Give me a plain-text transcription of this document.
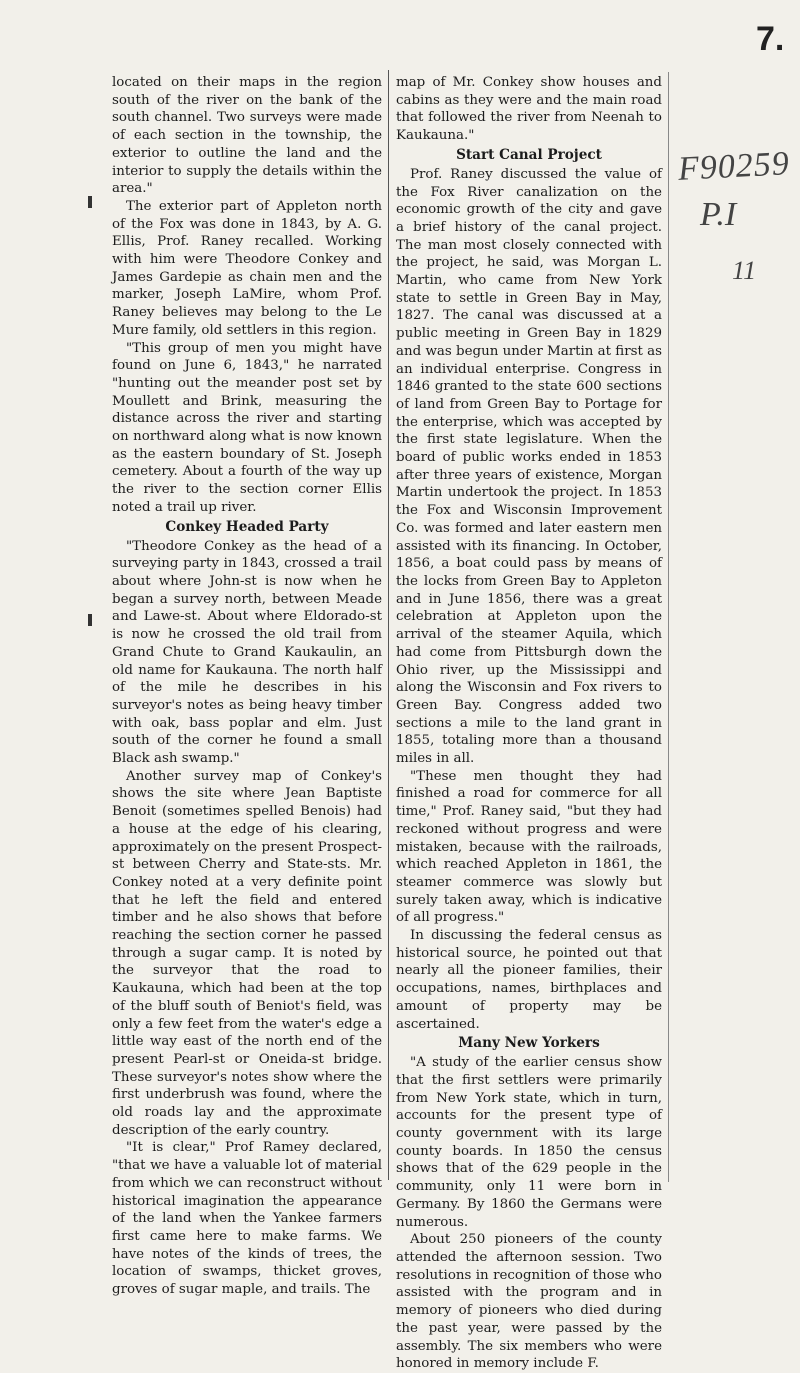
7.
F90259
P.I
11

located on their maps in the region south of the river on the bank of the south channel. Two surveys were made of each section in the township, the exterior to outline the land and the interior to supply the details within the area."

The exterior part of Appleton north of the Fox was done in 1843, by A. G. Ellis, Prof. Raney recalled. Working with him were Theodore Conkey and James Gardepie as chain men and the marker, Joseph LaMire, whom Prof. Raney believes may belong to the Le Mure family, old settlers in this region.

"This group of men you might have found on June 6, 1843," he narrated "hunting out the meander post set by Moullett and Brink, measuring the distance across the river and starting on northward along what is now known as the eastern boundary of St. Joseph cemetery. About a fourth of the way up the river to the section corner Ellis noted a trail up river.

Conkey Headed Party

"Theodore Conkey as the head of a surveying party in 1843, crossed a trail about where John-st is now when he began a survey north, between Meade and Lawe-st. About where Eldorado-st is now he crossed the old trail from Grand Chute to Grand Kaukaulin, an old name for Kaukauna. The north half of the mile he describes in his surveyor's notes as being heavy timber with oak, bass poplar and elm. Just south of the corner he found a small Black ash swamp."

Another survey map of Conkey's shows the site where Jean Baptiste Benoit (sometimes spelled Benois) had a house at the edge of his clearing, approximately on the present Prospect-st between Cherry and State-sts. Mr. Conkey noted at a very definite point that he left the field and entered timber and he also shows that before reaching the section corner he passed through a sugar camp. It is noted by the surveyor that the road to Kaukauna, which had been at the top of the bluff south of Beniot's field, was only a few feet from the water's edge a little way east of the north end of the present Pearl-st or Oneida-st bridge. These surveyor's notes show where the first underbrush was found, where the old roads lay and the approximate description of the early country.

"It is clear," Prof Ramey declared, "that we have a valuable lot of material from which we can reconstruct without historical imagination the appearance of the land when the Yankee farmers first came here to make farms. We have notes of the kinds of trees, the location of swamps, thicket groves, groves of sugar maple, and trails. The

map of Mr. Conkey show houses and cabins as they were and the main road that followed the river from Neenah to Kaukauna."

Start Canal Project

Prof. Raney discussed the value of the Fox River canalization on the economic growth of the city and gave a brief history of the canal project. The man most closely connected with the project, he said, was Morgan L. Martin, who came from New York state to settle in Green Bay in May, 1827. The canal was discussed at a public meeting in Green Bay in 1829 and was begun under Martin at first as an individual enterprise. Congress in 1846 granted to the state 600 sections of land from Green Bay to Portage for the enterprise, which was accepted by the first state legislature. When the board of public works ended in 1853 after three years of existence, Morgan Martin undertook the project. In 1853 the Fox and Wisconsin Improvement Co. was formed and later eastern men assisted with its financing. In October, 1856, a boat could pass by means of the locks from Green Bay to Appleton and in June 1856, there was a great celebration at Appleton upon the arrival of the steamer Aquila, which had come from Pittsburgh down the Ohio river, up the Mississippi and along the Wisconsin and Fox rivers to Green Bay. Congress added two sections a mile to the land grant in 1855, totaling more than a thousand miles in all.

"These men thought they had finished a road for commerce for all time," Prof. Raney said, "but they had reckoned without progress and were mistaken, because with the railroads, which reached Appleton in 1861, the steamer commerce was slowly but surely taken away, which is indicative of all progress."

In discussing the federal census as historical source, he pointed out that nearly all the pioneer families, their occupations, names, birthplaces and amount of property may be ascertained.

Many New Yorkers

"A study of the earlier census show that the first settlers were primarily from New York state, which in turn, accounts for the present type of county government with its large county boards. In 1850 the census shows that of the 629 people in the community, only 11 were born in Germany. By 1860 the Germans were numerous.

About 250 pioneers of the county attended the afternoon session. Two resolutions in recognition of those who assisted with the program and in memory of pioneers who died during the past year, were passed by the assembly. The six members who were honored in memory include F.
